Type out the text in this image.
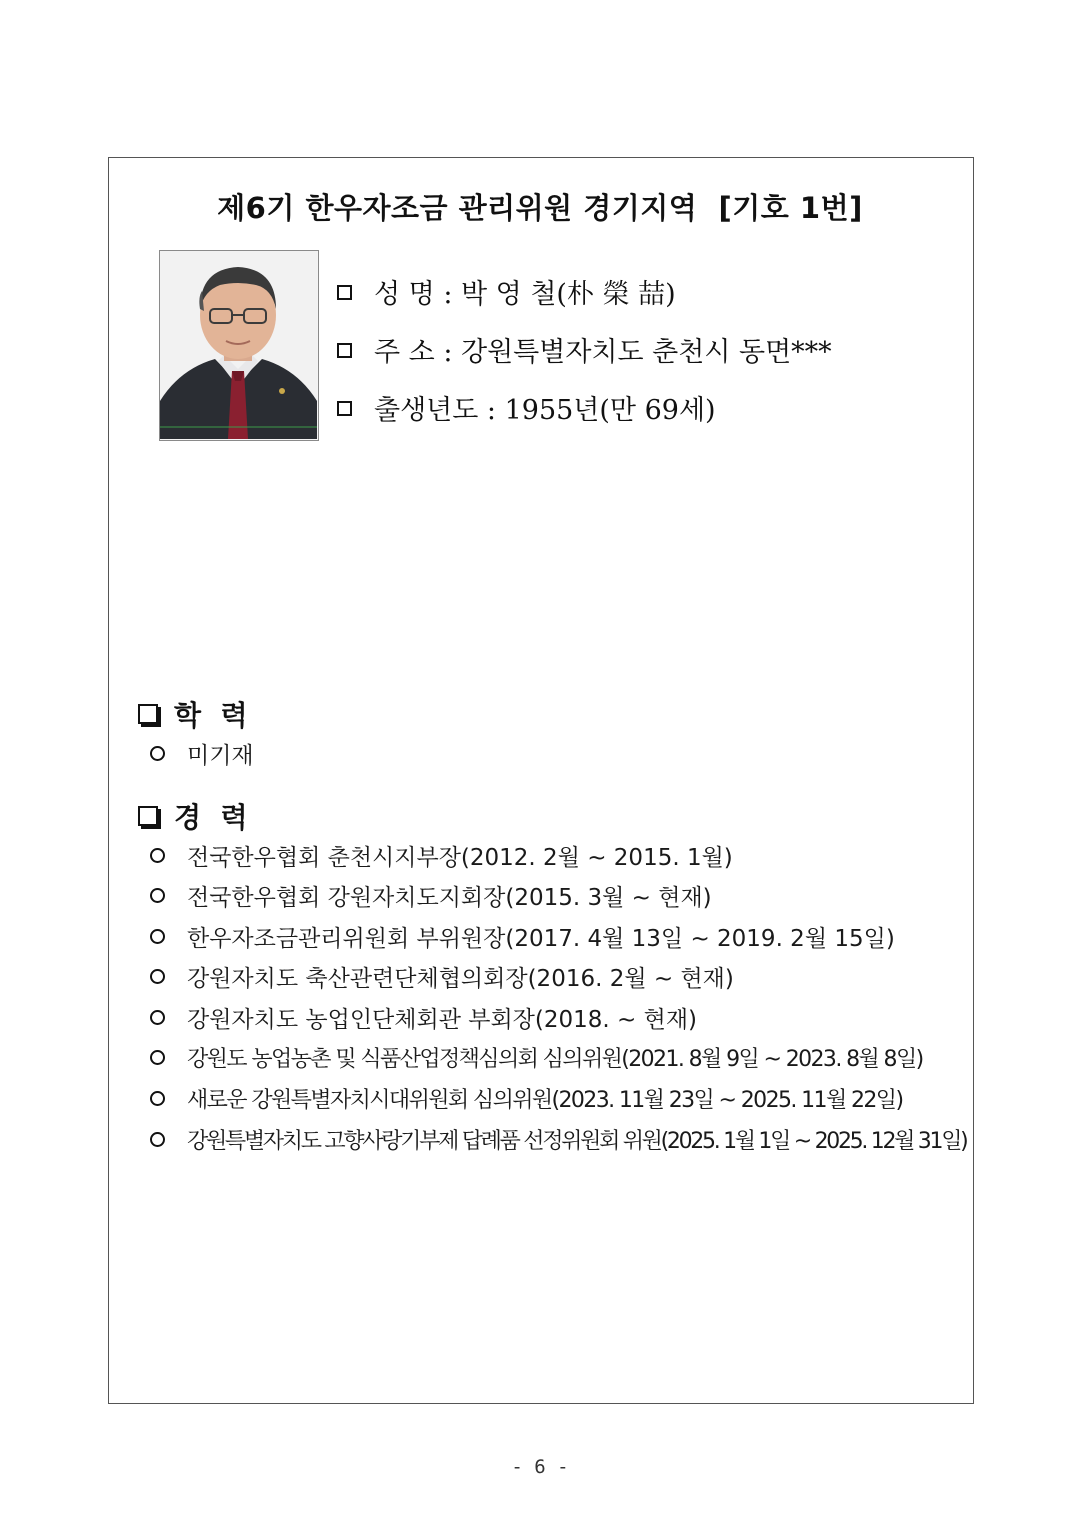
제6기 한우자조금 관리위원 경기지역  [기호 1번]
성 명 : 박 영 철(朴 榮 喆)
주 소 : 강원특별자치도 춘천시 동면***
출생년도 : 1955년(만 69세)
학  력
미기재
경  력
전국한우협회 춘천시지부장(2012. 2월 ~ 2015. 1월)
전국한우협회 강원자치도지회장(2015. 3월 ~ 현재)
한우자조금관리위원회 부위원장(2017. 4월 13일 ~ 2019. 2월 15일)
강원자치도 축산관련단체협의회장(2016. 2월 ~ 현재)
강원자치도 농업인단체회관 부회장(2018. ~ 현재)
강원도 농업농촌 및 식품산업정책심의회 심의위원(2021. 8월 9일 ~ 2023. 8월 8일)
새로운 강원특별자치시대위원회 심의위원(2023. 11월 23일 ~ 2025. 11월 22일)
강원특별자치도 고향사랑기부제 답례품 선정위원회 위원(2025. 1월 1일 ~ 2025. 12월 31일)
- 6 -
